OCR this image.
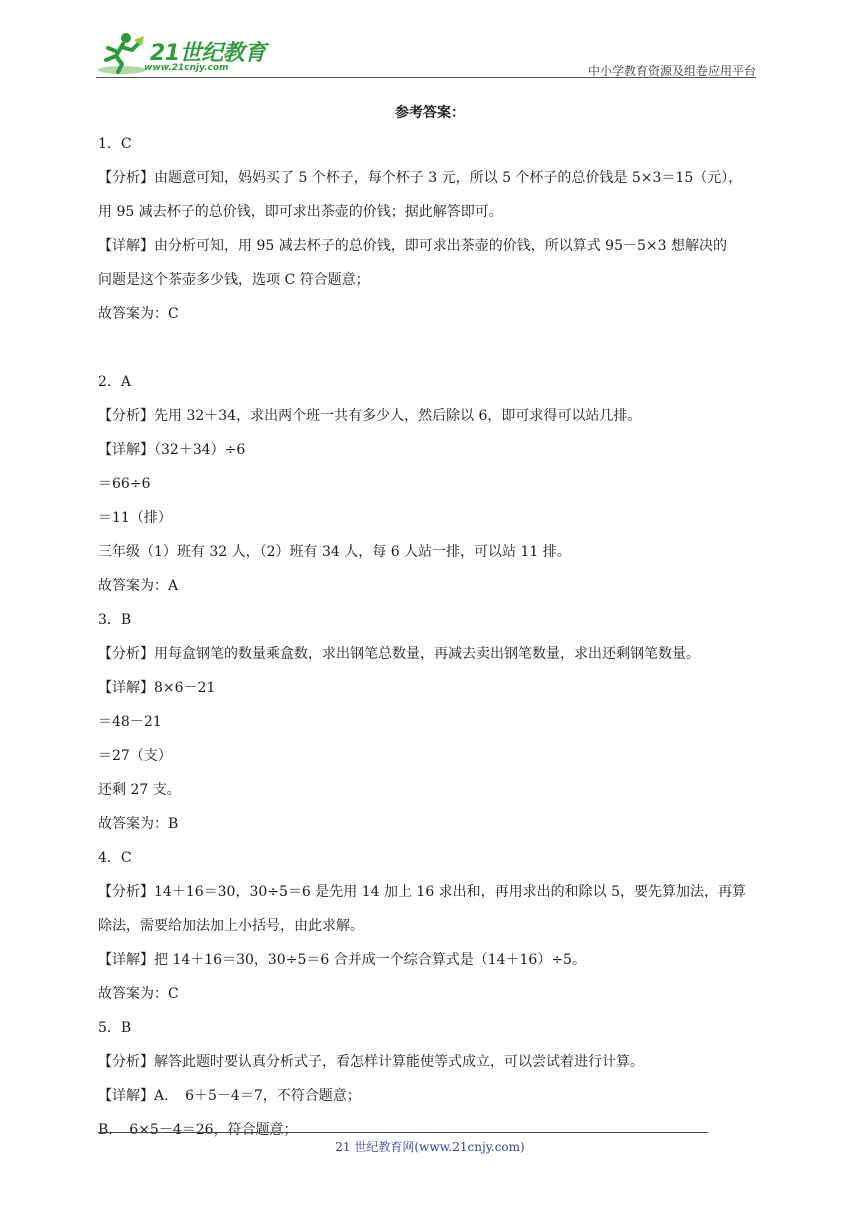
21世纪教育
www.21cnjy.com	中小学教育资源及组卷应用平台
参考答案：
1．C
【分析】由题意可知，妈妈买了 5 个杯子，每个杯子 3 元，所以 5 个杯子的总价钱是 5×3＝15（元），
用 95 减去杯子的总价钱，即可求出茶壶的价钱；据此解答即可。
【详解】由分析可知，用 95 减去杯子的总价钱，即可求出茶壶的价钱，所以算式 95－5×3 想解决的
问题是这个茶壶多少钱，选项 C 符合题意；
故答案为：C
2．A
【分析】先用 32＋34，求出两个班一共有多少人，然后除以 6，即可求得可以站几排。
【详解】（32＋34）÷6
＝66÷6
＝11（排）
三年级（1）班有 32 人，（2）班有 34 人，每 6 人站一排，可以站 11 排。
故答案为：A
3．B
【分析】用每盒钢笔的数量乘盒数，求出钢笔总数量，再减去卖出钢笔数量，求出还剩钢笔数量。
【详解】8×6－21
＝48－21
＝27（支）
还剩 27 支。
故答案为：B
4．C
【分析】14＋16＝30，30÷5＝6 是先用 14 加上 16 求出和，再用求出的和除以 5，要先算加法，再算
除法，需要给加法加上小括号，由此求解。
【详解】把 14＋16＝30，30÷5＝6 合并成一个综合算式是（14＋16）÷5。
故答案为：C
5．B
【分析】解答此题时要认真分析式子，看怎样计算能使等式成立，可以尝试着进行计算。
【详解】A．　6＋5－4＝7，不符合题意；
B．　6×5－4＝26，符合题意；
21 世纪教育网(www.21cnjy.com)
